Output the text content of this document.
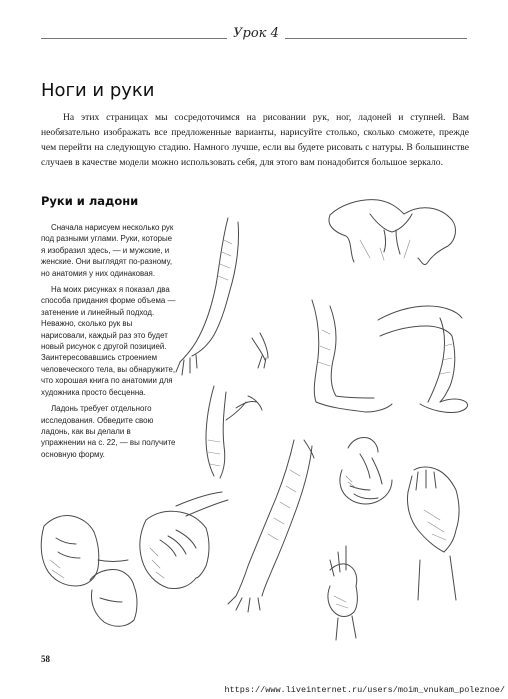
Урок 4
Ноги и руки

На этих страницах мы сосредоточимся на рисовании рук, ног, ладоней и ступней. Вам необязательно изображать все предложенные варианты, нарисуйте столько, сколько сможете, прежде чем перейти на следующую стадию. Намного лучше, если вы будете рисовать с натуры. В большинстве случаев в качестве модели можно использовать себя, для этого вам понадобится большое зеркало.

Руки и ладони

Сначала нарисуем несколько рук под разными углами. Руки, которые я изобразил здесь, — и мужские, и женские. Они выглядят по-разному, но анатомия у них одинаковая.

На моих рисунках я показал два способа придания форме объема — затенение и линейный подход. Неважно, сколько рук вы нарисовали, каждый раз это будет новый рисунок с другой позицией. Заинтересовавшись строением человеческого тела, вы обнаружите, что хорошая книга по анатомии для художника просто бесценна.

Ладонь требует отдельного исследования. Обведите свою ладонь, как вы делали в упражнении на с. 22, — вы получите основную форму.

58
https://www.liveinternet.ru/users/moim_vnukam_poleznoe/
